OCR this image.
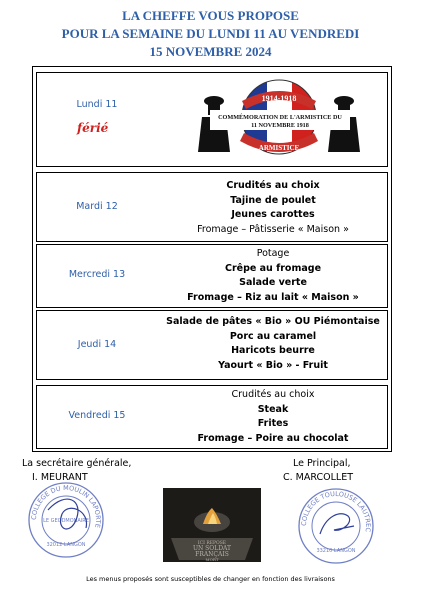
LA CHEFFE VOUS PROPOSE
POUR LA SEMAINE DU LUNDI 11 AU VENDREDI
15 NOVEMBRE 2024
Lundi 11
férié
1914-1918
COMMÉMORATION DE L'ARMISTICE DU
11 NOVEMBRE 1918
ARMISTICE
Mardi 12
Crudités au choix
Tajine de poulet
Jeunes carottes
Fromage – Pâtisserie « Maison »
Mercredi 13
Potage
Crêpe au fromage
Salade verte
Fromage – Riz au lait « Maison »
Jeudi 14
Salade de pâtes « Bio » OU Piémontaise
Porc au caramel
Haricots beurre
Yaourt « Bio » - Fruit
Vendredi 15
Crudités au choix
Steak
Frites
Fromage – Poire au chocolat
La secrétaire générale,
I. MEURANT
Le Principal,
C. MARCOLLET
COLLEGE DU MOULIN LAPORTE
LE GEODMONAIRE
32012 LANGON	ICI REPOSE
UN SOLDAT
FRANÇAIS
MORT
COLLEGE TOULOUSE LAUTREC
33210 LANGON
Les menus proposés sont susceptibles de changer en fonction des livraisons
